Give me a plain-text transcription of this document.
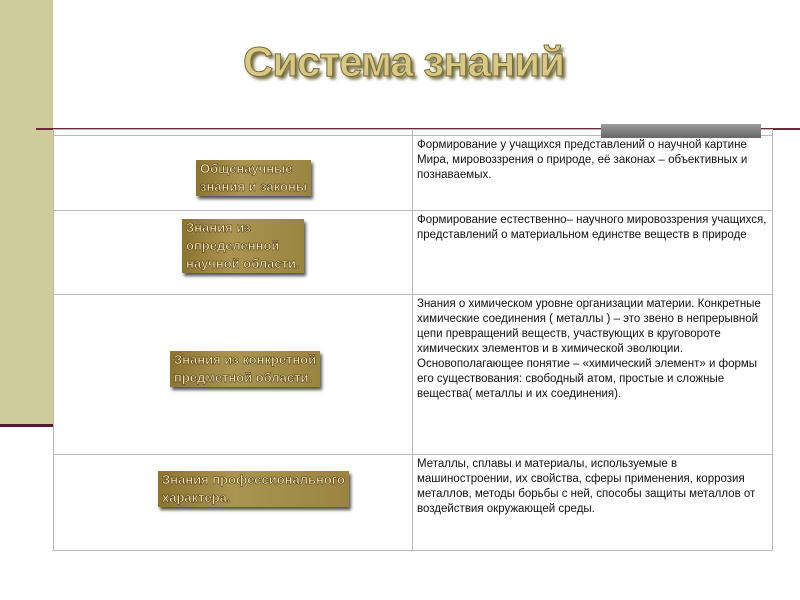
Система знаний

Общенаучные
знания и законы	Формирование у учащихся представлений о научной картине Мира, мировоззрения о природе, её законах – объективных и познаваемых.

Знания из
определенной
научной области.	Формирование естественно– научного мировоззрения учащихся, представлений о материальном единстве веществ в природе

Знания из конкретной
предметной области.	Знания о химическом уровне организации материи. Конкретные химические соединения ( металлы ) – это звено в непрерывной цепи превращений веществ, участвующих в круговороте химических элементов и в химической эволюции. Основополагающее понятие – «химический элемент» и формы его существования: свободный атом, простые и сложные вещества( металлы и их соединения).

Знания профессионального
характера.	Металлы, сплавы и материалы, используемые в машиностроении, их свойства, сферы применения, коррозия металлов, методы борьбы с ней, способы защиты металлов от воздействия окружающей среды.
